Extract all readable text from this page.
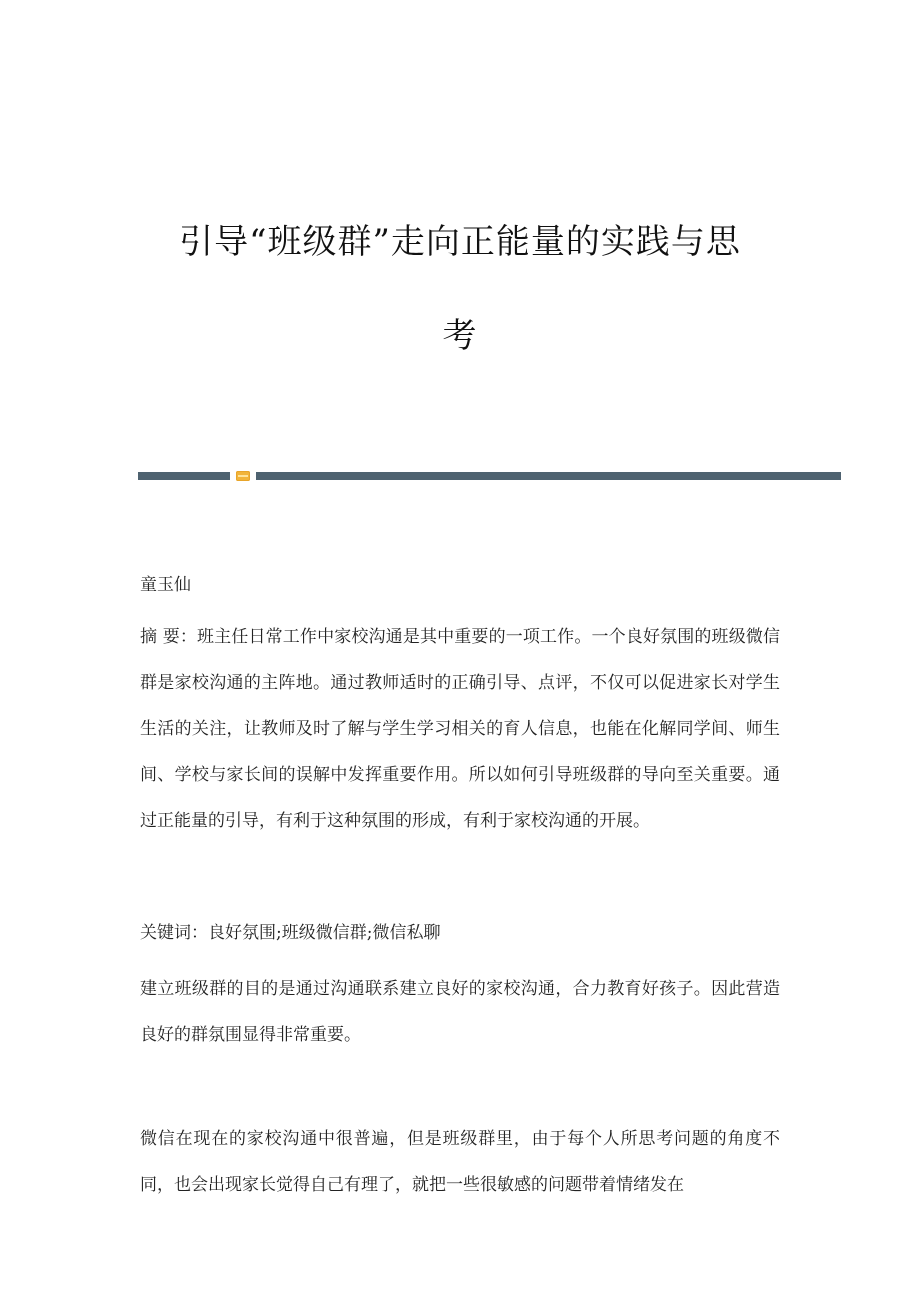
引导“班级群”走向正能量的实践与思
考
童玉仙
摘 要：班主任日常工作中家校沟通是其中重要的一项工作。一个良好氛围的班级微信群是家校沟通的主阵地。通过教师适时的正确引导、点评，不仅可以促进家长对学生生活的关注，让教师及时了解与学生学习相关的育人信息，也能在化解同学间、师生间、学校与家长间的误解中发挥重要作用。所以如何引导班级群的导向至关重要。通过正能量的引导，有利于这种氛围的形成，有利于家校沟通的开展。
关键词：良好氛围;班级微信群;微信私聊
建立班级群的目的是通过沟通联系建立良好的家校沟通，合力教育好孩子。因此营造良好的群氛围显得非常重要。
微信在现在的家校沟通中很普遍，但是班级群里，由于每个人所思考问题的角度不同，也会出现家长觉得自己有理了，就把一些很敏感的问题带着情绪发在
